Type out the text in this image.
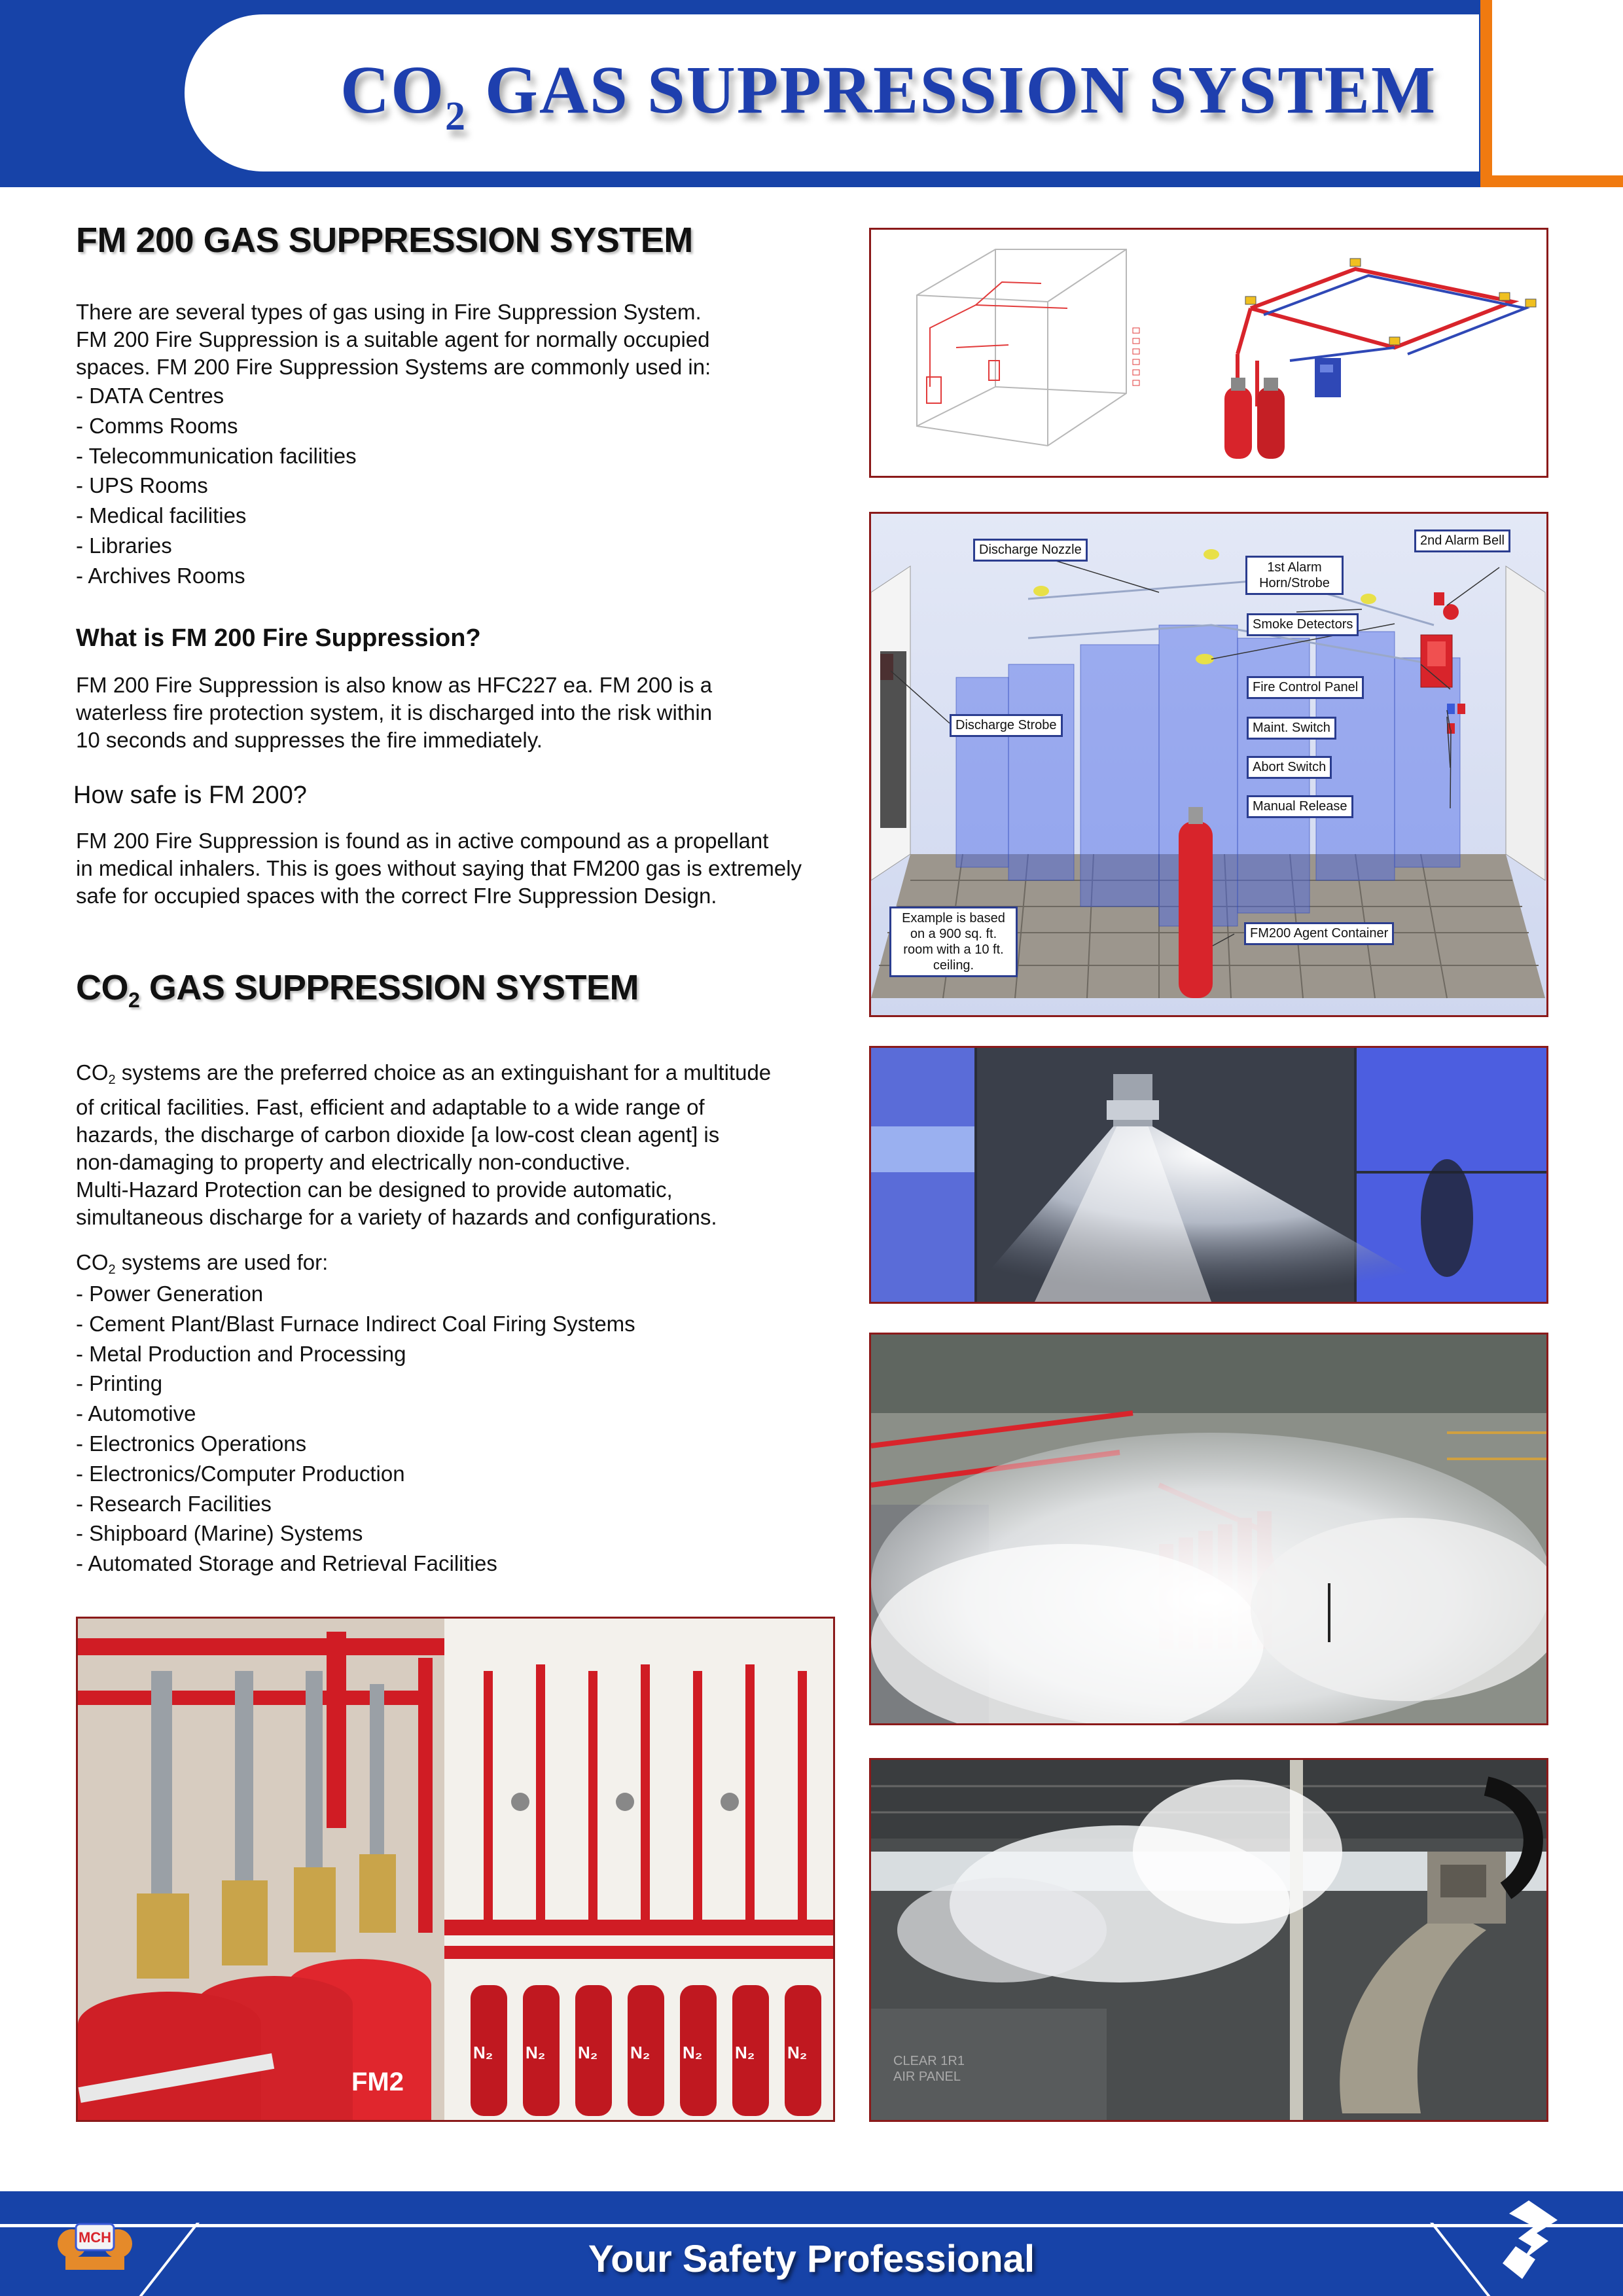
$CO_2$ GAS SUPPRESSION SYSTEM
FM 200 GAS SUPPRESSION SYSTEM
There are several types of gas using in Fire Suppression System.
FM 200 Fire Suppression is a suitable agent for normally occupied
spaces. FM 200 Fire Suppression Systems are commonly used in:
- DATA Centres
- Comms Rooms
- Telecommunication facilities
- UPS Rooms
- Medical facilities
- Libraries
- Archives Rooms
What is FM 200 Fire Suppression?
FM 200 Fire Suppression is also know as HFC227 ea. FM 200 is a
waterless fire protection system, it is discharged into the risk within
10 seconds and suppresses the fire immediately.
How safe is FM 200?
FM 200 Fire Suppression is found as in active compound as a propellant
in medical inhalers. This is goes without saying that FM200 gas is extremely
safe for occupied spaces with the correct FIre Suppression Design.
$CO_2$ GAS SUPPRESSION SYSTEM
$CO_2$ systems are the preferred choice as an extinguishant for a multitude
of critical facilities. Fast, efficient and adaptable to a wide range of
hazards, the discharge of carbon dioxide [a low-cost clean agent] is
non-damaging to property and electrically non-conductive.
Multi-Hazard Protection can be designed to provide automatic,
simultaneous discharge for a variety of hazards and configurations.
$CO_2$ systems are used for:
- Power Generation
- Cement Plant/Blast Furnace Indirect Coal Firing Systems
- Metal Production and Processing
- Printing
- Automotive
- Electronics Operations
- Electronics/Computer Production
- Research Facilities
- Shipboard (Marine) Systems
- Automated Storage and Retrieval Facilities
Discharge Nozzle
1st Alarm Horn/Strobe
2nd Alarm Bell
Smoke Detectors
Fire Control Panel
Discharge Strobe	Maint. Switch
Abort Switch
Manual Release
FM200 Agent Container
Example is based on a 900 sq. ft. room with a 10 ft. ceiling.
CLEAR 1R1 AIR PANEL
N₂ N₂ N₂ N₂ N₂ N₂ N₂
FM2
Your Safety Professional
MCH
